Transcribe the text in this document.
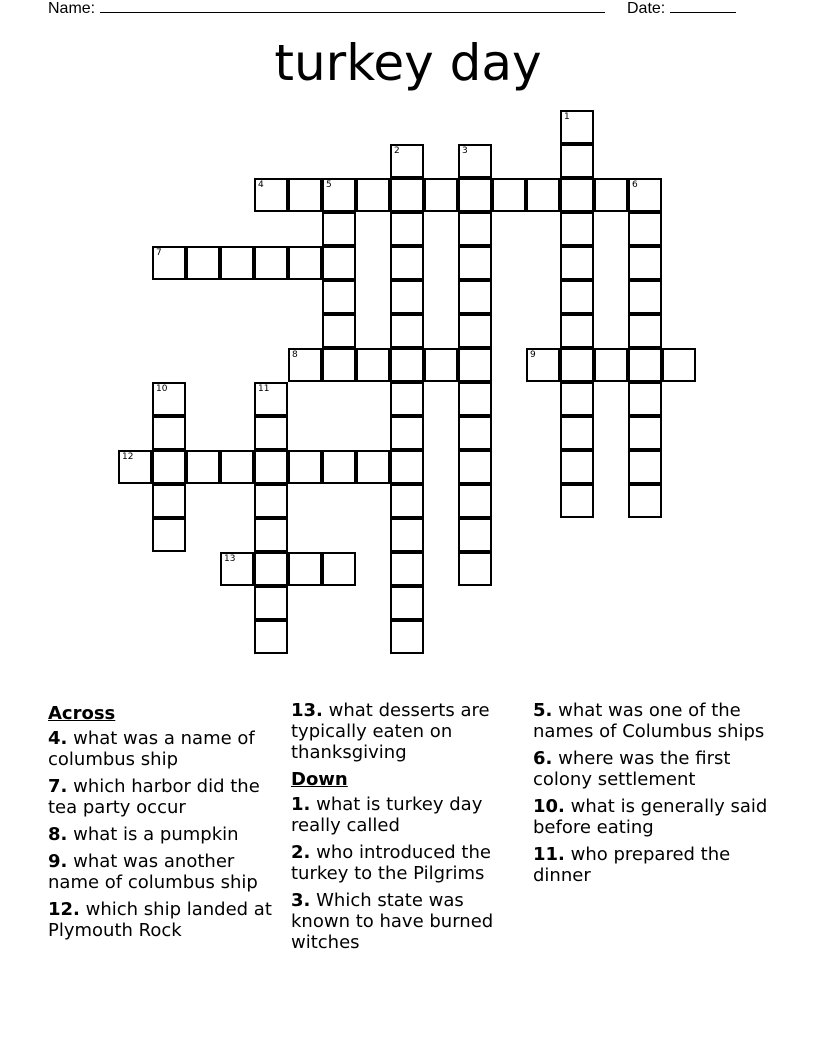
Name:	Date:
turkey day
1
2	3
4	5	6
7
8	9
10	11
12
13
Across
4. what was a name of columbus ship
7. which harbor did the tea party occur
8. what is a pumpkin
9. what was another name of columbus ship
12. which ship landed at Plymouth Rock
13. what desserts are typically eaten on thanksgiving
Down
1. what is turkey day really called
2. who introduced the turkey to the Pilgrims
3. Which state was known to have burned witches
5. what was one of the names of Columbus ships
6. where was the first colony settlement
10. what is generally said before eating
11. who prepared the dinner
